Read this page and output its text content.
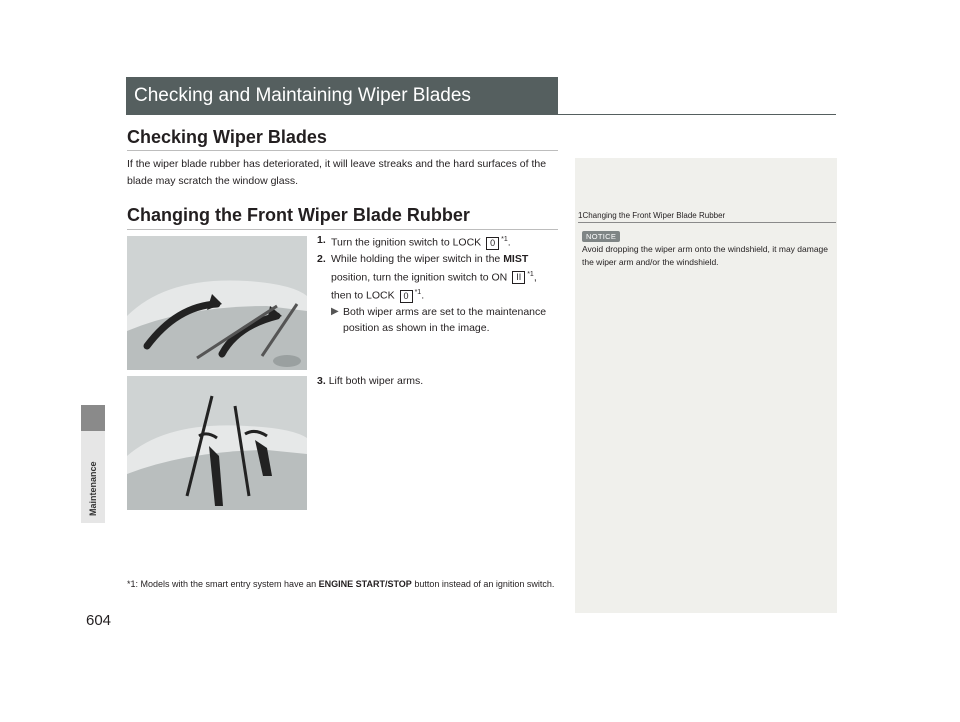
604
Checking and Maintaining Wiper Blades
Checking Wiper Blades
If the wiper blade rubber has deteriorated, it will leave streaks and the hard surfaces of the blade may scratch the window glass.
Changing the Front Wiper Blade Rubber
1. Turn the ignition switch to LOCK 0 $^{*1}$.
2. While holding the wiper switch in the MIST position, turn the ignition switch to ON II $^{*1}$, then to LOCK 0 $^{*1}$.
▶ Both wiper arms are set to the maintenance position as shown in the image.
3. Lift both wiper arms.
*1: Models with the smart entry system have an ENGINE START/STOP button instead of an ignition switch.
1Changing the Front Wiper Blade Rubber
NOTICE
Avoid dropping the wiper arm onto the windshield, it may damage the wiper arm and/or the windshield.
